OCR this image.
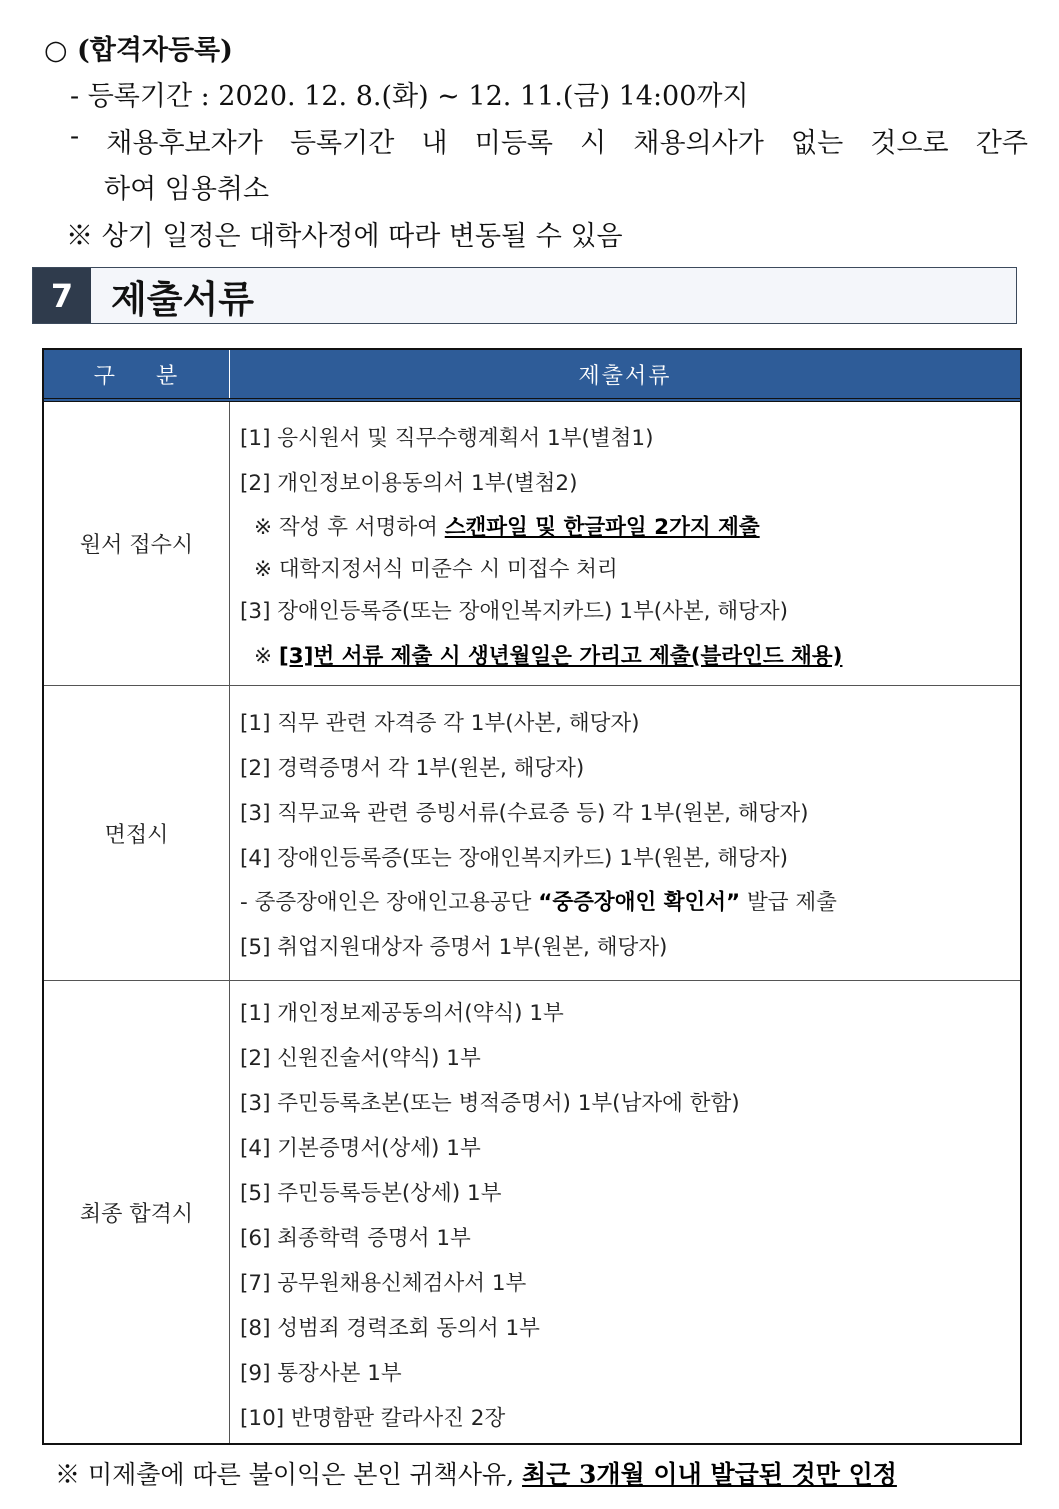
○ (합격자등록)
- 등록기간 : 2020. 12. 8.(화) ~ 12. 11.(금) 14:00까지
- 채용후보자가 등록기간 내 미등록 시 채용의사가 없는 것으로 간주
하여 임용취소
※ 상기 일정은 대학사정에 따라 변동될 수 있음
7	제출서류
구 분	제출서류
원서 접수시
[1] 응시원서 및 직무수행계획서 1부(별첨1)
[2] 개인정보이용동의서 1부(별첨2)
※ 작성 후 서명하여 스캔파일 및 한글파일 2가지 제출
※ 대학지정서식 미준수 시 미접수 처리
[3] 장애인등록증(또는 장애인복지카드) 1부(사본, 해당자)
※ [3]번 서류 제출 시 생년월일은 가리고 제출(블라인드 채용)
면접시
[1] 직무 관련 자격증 각 1부(사본, 해당자)
[2] 경력증명서 각 1부(원본, 해당자)
[3] 직무교육 관련 증빙서류(수료증 등) 각 1부(원본, 해당자)
[4] 장애인등록증(또는 장애인복지카드) 1부(원본, 해당자)
- 중증장애인은 장애인고용공단 “중증장애인 확인서” 발급 제출
[5] 취업지원대상자 증명서 1부(원본, 해당자)
최종 합격시
[1] 개인정보제공동의서(약식) 1부
[2] 신원진술서(약식) 1부
[3] 주민등록초본(또는 병적증명서) 1부(남자에 한함)
[4] 기본증명서(상세) 1부
[5] 주민등록등본(상세) 1부
[6] 최종학력 증명서 1부
[7] 공무원채용신체검사서 1부
[8] 성범죄 경력조회 동의서 1부
[9] 통장사본 1부
[10] 반명함판 칼라사진 2장
※ 미제출에 따른 불이익은 본인 귀책사유, 최근 3개월 이내 발급된 것만 인정
